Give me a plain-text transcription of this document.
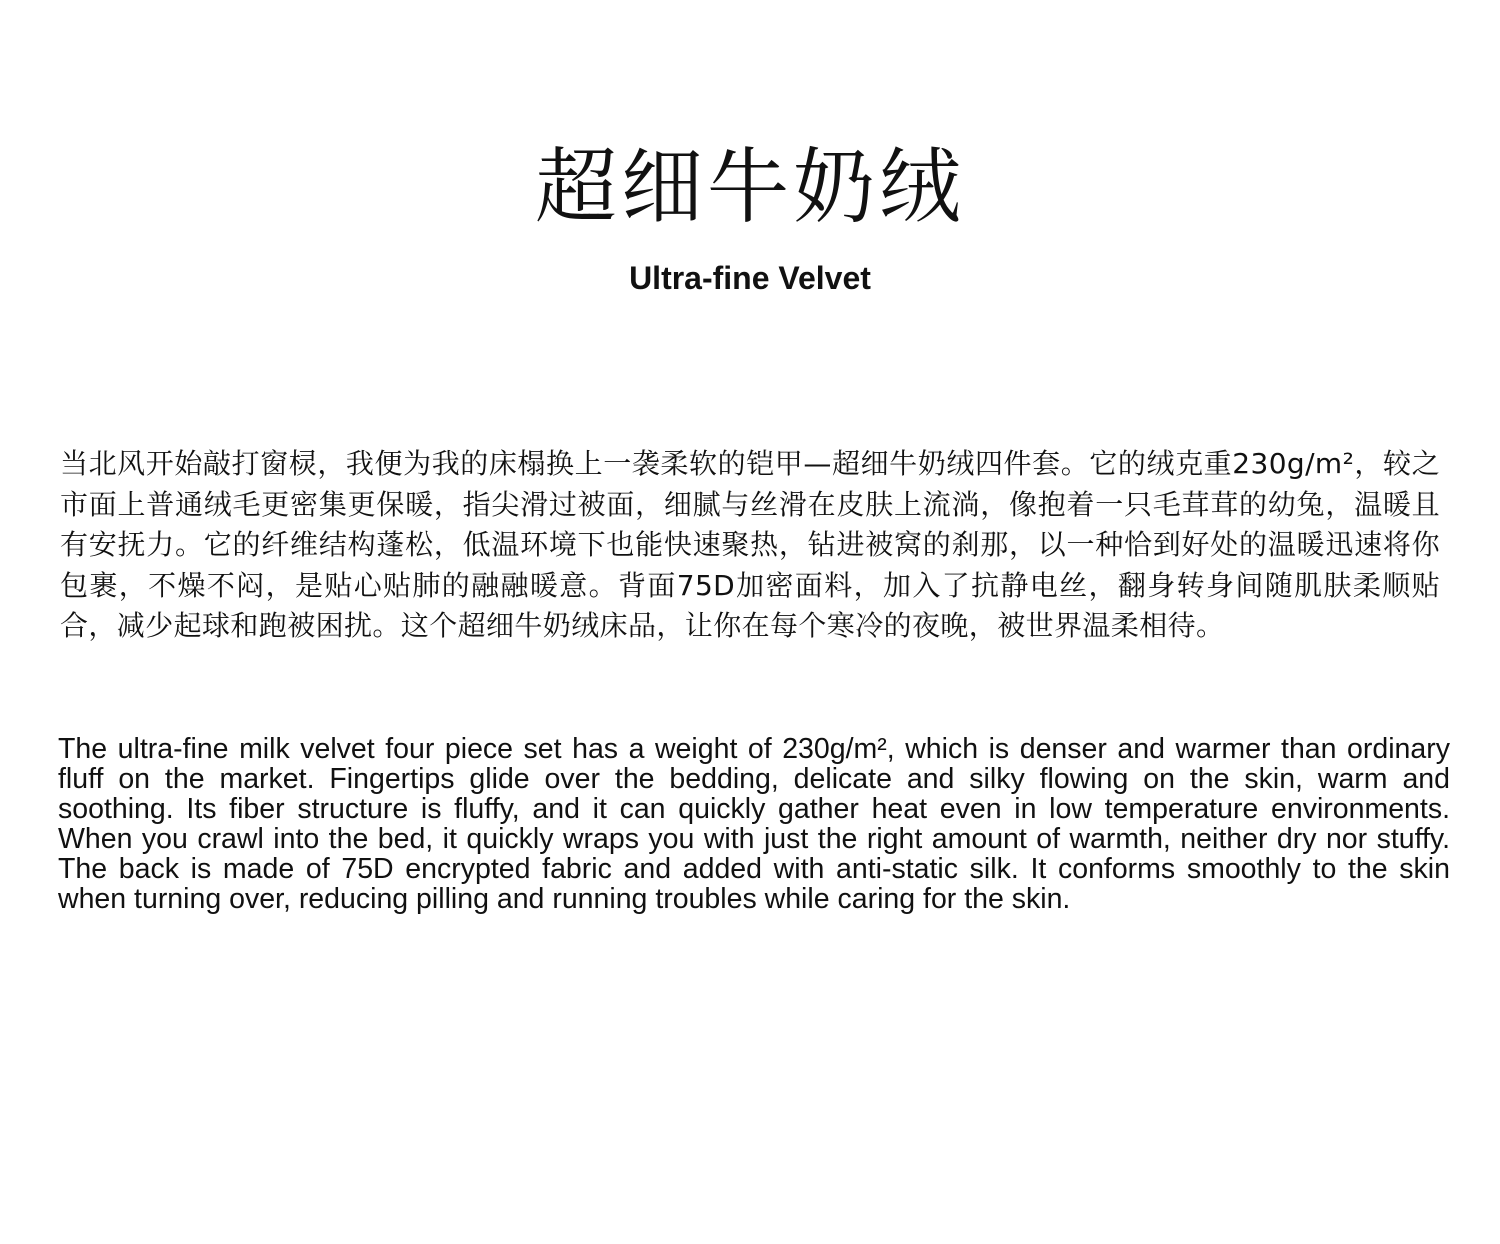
超细牛奶绒
Ultra-fine Velvet

当北风开始敲打窗棂，我便为我的床榻换上一袭柔软的铠甲—超细牛奶绒四件套。它的绒克重230g/m²，较之市面上普通绒毛更密集更保暖，指尖滑过被面，细腻与丝滑在皮肤上流淌，像抱着一只毛茸茸的幼兔，温暖且有安抚力。它的纤维结构蓬松，低温环境下也能快速聚热，钻进被窝的刹那，以一种恰到好处的温暖迅速将你包裹，不燥不闷，是贴心贴肺的融融暖意。背面75D加密面料，加入了抗静电丝，翻身转身间随肌肤柔顺贴合，减少起球和跑被困扰。这个超细牛奶绒床品，让你在每个寒冷的夜晚，被世界温柔相待。

The ultra-fine milk velvet four piece set has a weight of 230g/m², which is denser and warmer than ordinary fluff on the market. Fingertips glide over the bedding, delicate and silky flowing on the skin, warm and soothing. Its fiber structure is fluffy, and it can quickly gather heat even in low temperature environments. When you crawl into the bed, it quickly wraps you with just the right amount of warmth, neither dry nor stuffy. The back is made of 75D encrypted fabric and added with anti-static silk. It conforms smoothly to the skin when turning over, reducing pilling and running troubles while caring for the skin.
